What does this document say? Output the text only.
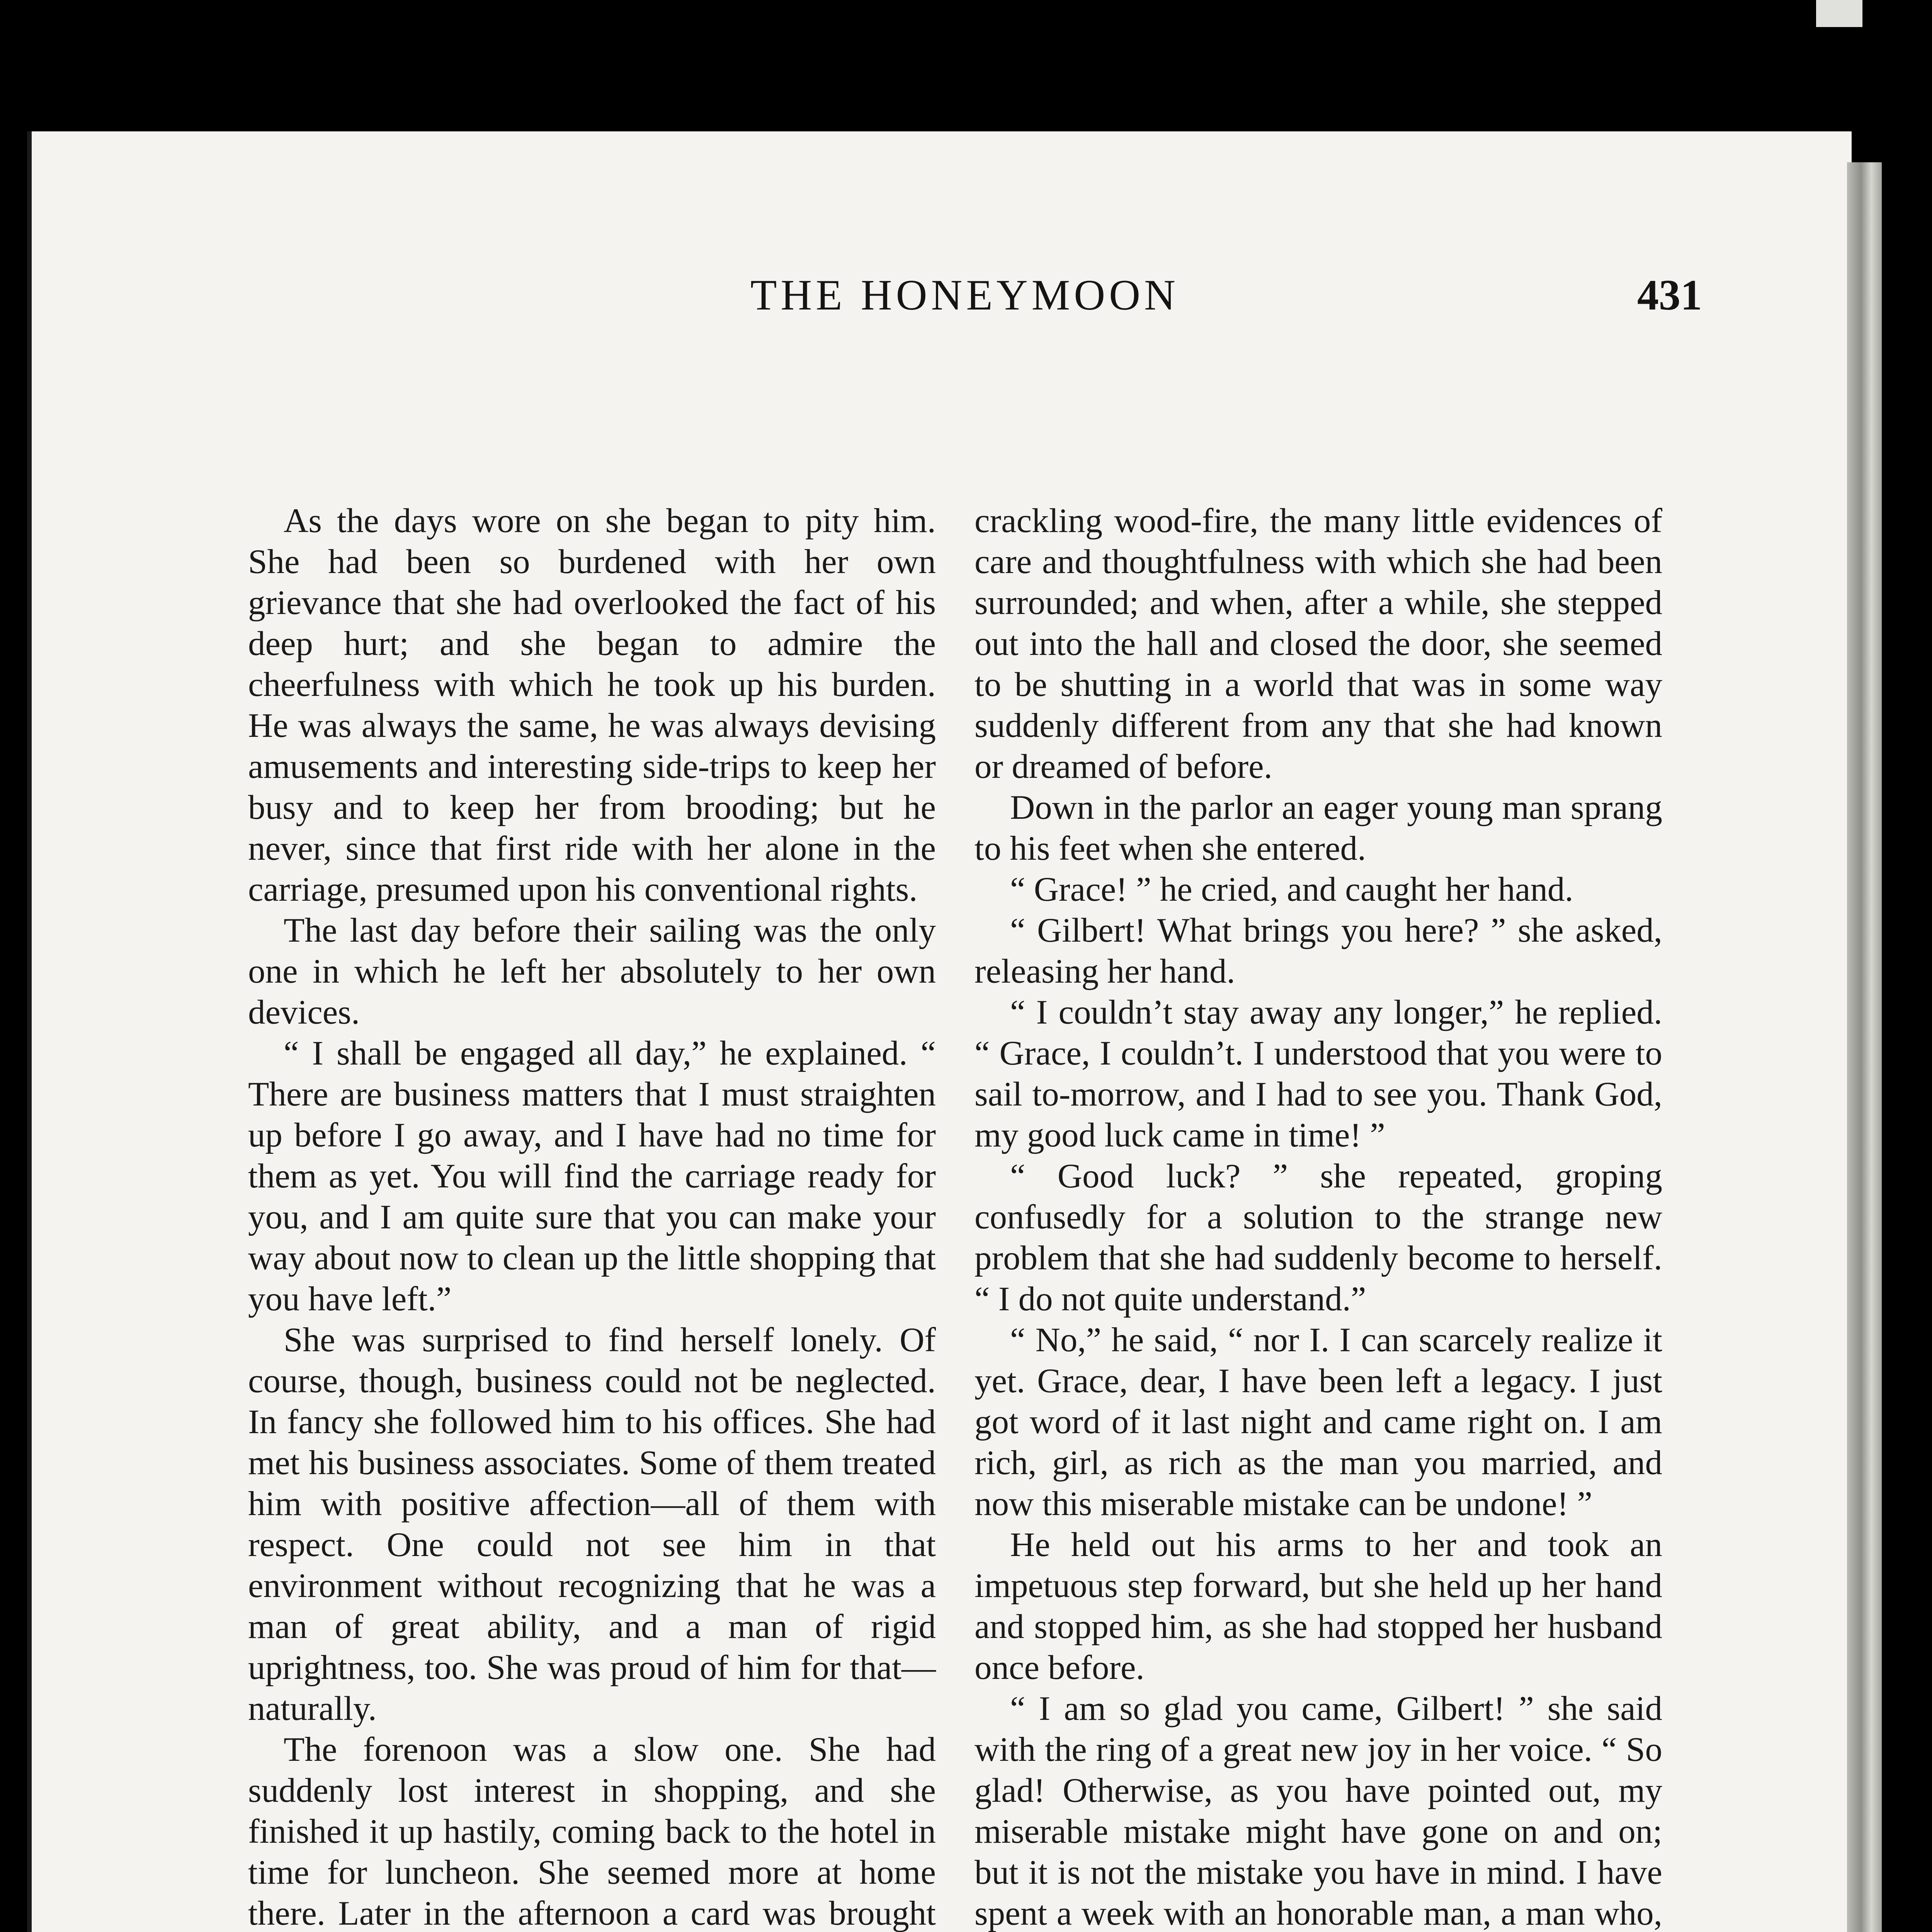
THE HONEYMOON	431

As the days wore on she began to pity him. She had been so burdened with her own grievance that she had overlooked the fact of his deep hurt; and she began to admire the cheerfulness with which he took up his burden. He was always the same, he was always devising amusements and interesting side-trips to keep her busy and to keep her from brooding; but he never, since that first ride with her alone in the carriage, presumed upon his conventional rights.

The last day before their sailing was the only one in which he left her absolutely to her own devices.

“ I shall be engaged all day,” he explained. “ There are business matters that I must straighten up before I go away, and I have had no time for them as yet. You will find the carriage ready for you, and I am quite sure that you can make your way about now to clean up the little shopping that you have left.”

She was surprised to find herself lonely. Of course, though, business could not be neglected. In fancy she followed him to his offices. She had met his business associates. Some of them treated him with positive affection—all of them with respect. One could not see him in that environment without recognizing that he was a man of great ability, and a man of rigid uprightness, too. She was proud of him for that—naturally.

The forenoon was a slow one. She had suddenly lost interest in shopping, and she finished it up hastily, coming back to the hotel in time for luncheon. She seemed more at home there. Later in the afternoon a card was brought

crackling wood-fire, the many little evidences of care and thoughtfulness with which she had been surrounded; and when, after a while, she stepped out into the hall and closed the door, she seemed to be shutting in a world that was in some way suddenly different from any that she had known or dreamed of before.

Down in the parlor an eager young man sprang to his feet when she entered.

“ Grace! ” he cried, and caught her hand.

“ Gilbert! What brings you here? ” she asked, releasing her hand.

“ I couldn’t stay away any longer,” he replied. “ Grace, I couldn’t. I understood that you were to sail to-morrow, and I had to see you. Thank God, my good luck came in time! ”

“ Good luck? ” she repeated, groping confusedly for a solution to the strange new problem that she had suddenly become to herself. “ I do not quite understand.”

“ No,” he said, “ nor I. I can scarcely realize it yet. Grace, dear, I have been left a legacy. I just got word of it last night and came right on. I am rich, girl, as rich as the man you married, and now this miserable mistake can be undone! ”

He held out his arms to her and took an impetuous step forward, but she held up her hand and stopped him, as she had stopped her husband once before.

“ I am so glad you came, Gilbert! ” she said with the ring of a great new joy in her voice. “ So glad! Otherwise, as you have pointed out, my miserable mistake might have gone on and on; but it is not the mistake you have in mind. I have spent a week with an honorable man, a man who,
